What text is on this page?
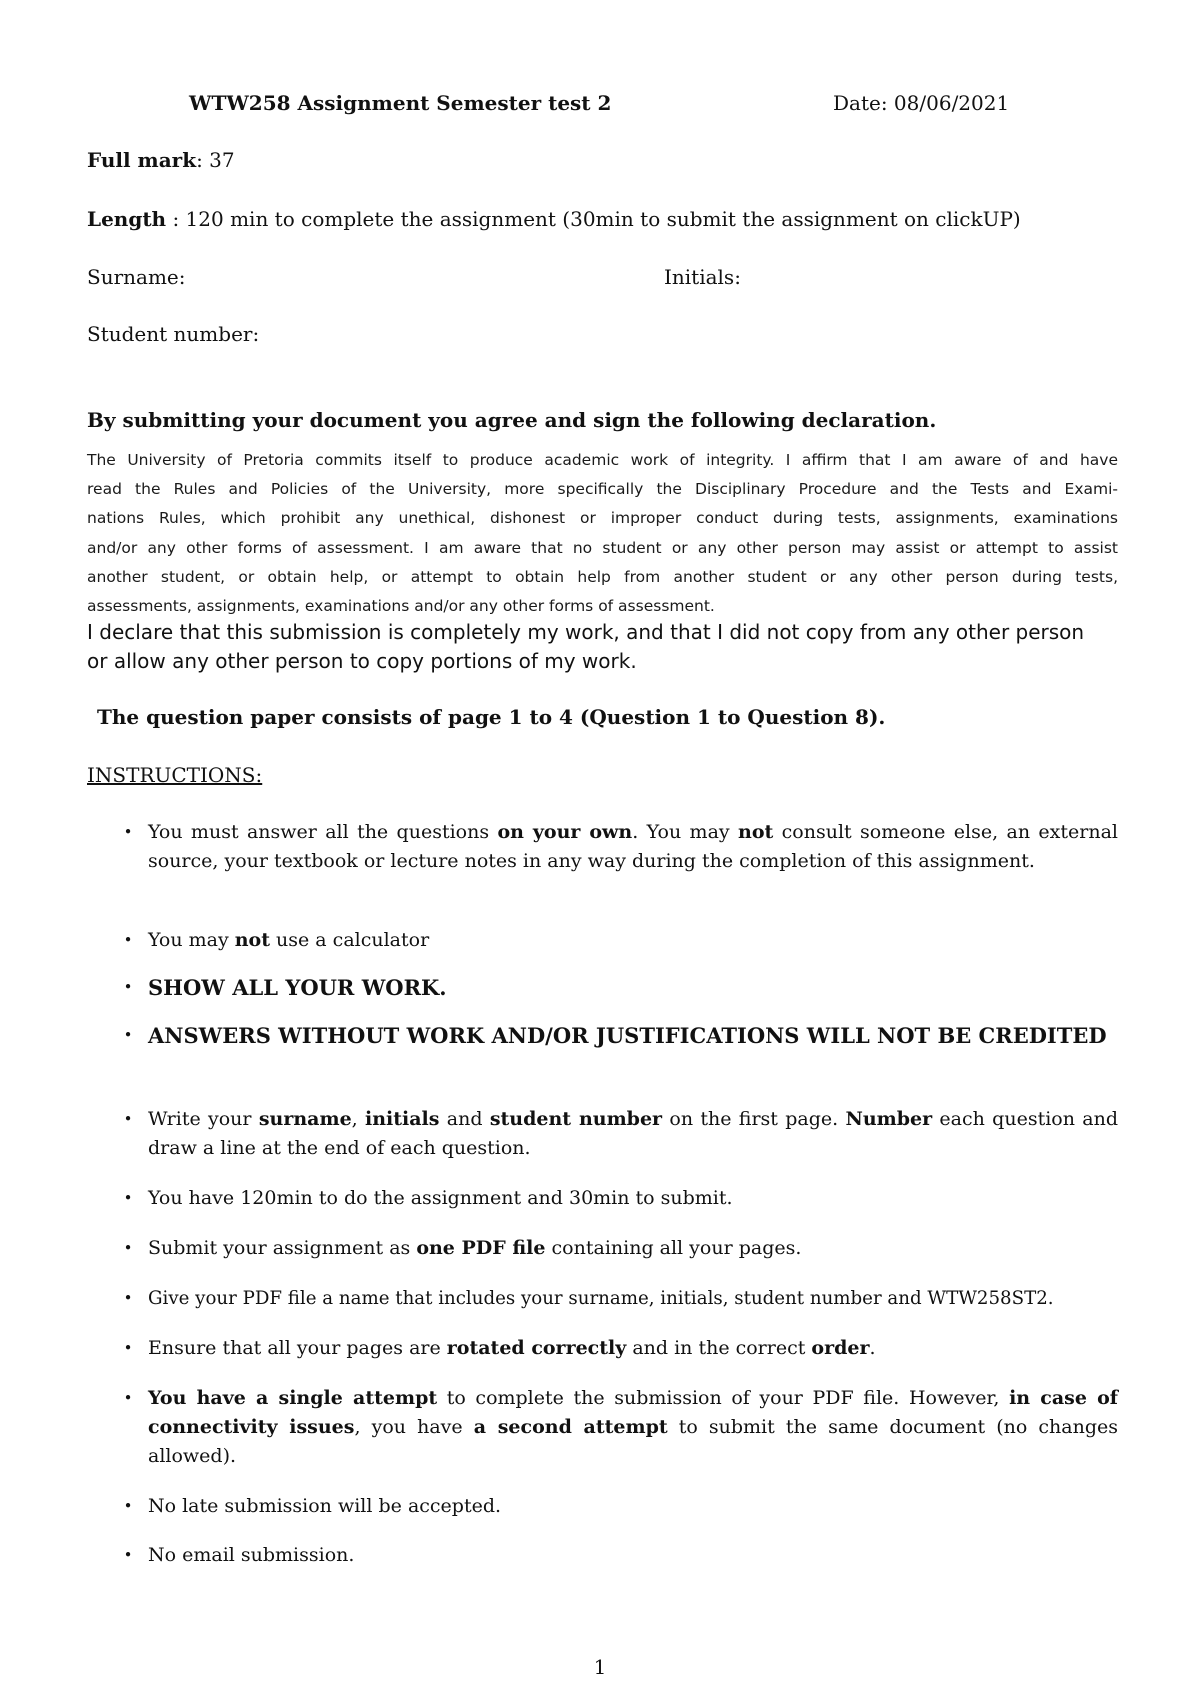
WTW258 Assignment Semester test 2	Date: 08/06/2021
Full mark: 37
Length : 120 min to complete the assignment (30min to submit the assignment on clickUP)
Surname:	Initials:
Student number:
By submitting your document you agree and sign the following declaration.
The University of Pretoria commits itself to produce academic work of integrity. I affirm that I am aware of and have
read the Rules and Policies of the University, more specifically the Disciplinary Procedure and the Tests and Exami-
nations Rules, which prohibit any unethical, dishonest or improper conduct during tests, assignments, examinations
and/or any other forms of assessment. I am aware that no student or any other person may assist or attempt to assist
another student, or obtain help, or attempt to obtain help from another student or any other person during tests,
assessments, assignments, examinations and/or any other forms of assessment.
I declare that this submission is completely my work, and that I did not copy from any other person
or allow any other person to copy portions of my work.
The question paper consists of page 1 to 4 (Question 1 to Question 8).
INSTRUCTIONS:
• You must answer all the questions on your own. You may not consult someone else, an external source, your textbook or lecture notes in any way during the completion of this assignment.
• You may not use a calculator
• SHOW ALL YOUR WORK.
• ANSWERS WITHOUT WORK AND/OR JUSTIFICATIONS WILL NOT BE CREDITED
• Write your surname, initials and student number on the first page. Number each question and draw a line at the end of each question.
• You have 120min to do the assignment and 30min to submit.
• Submit your assignment as one PDF file containing all your pages.
• Give your PDF file a name that includes your surname, initials, student number and WTW258ST2.
• Ensure that all your pages are rotated correctly and in the correct order.
• You have a single attempt to complete the submission of your PDF file. However, in case of connectivity issues, you have a second attempt to submit the same document (no changes allowed).
• No late submission will be accepted.
• No email submission.
1
